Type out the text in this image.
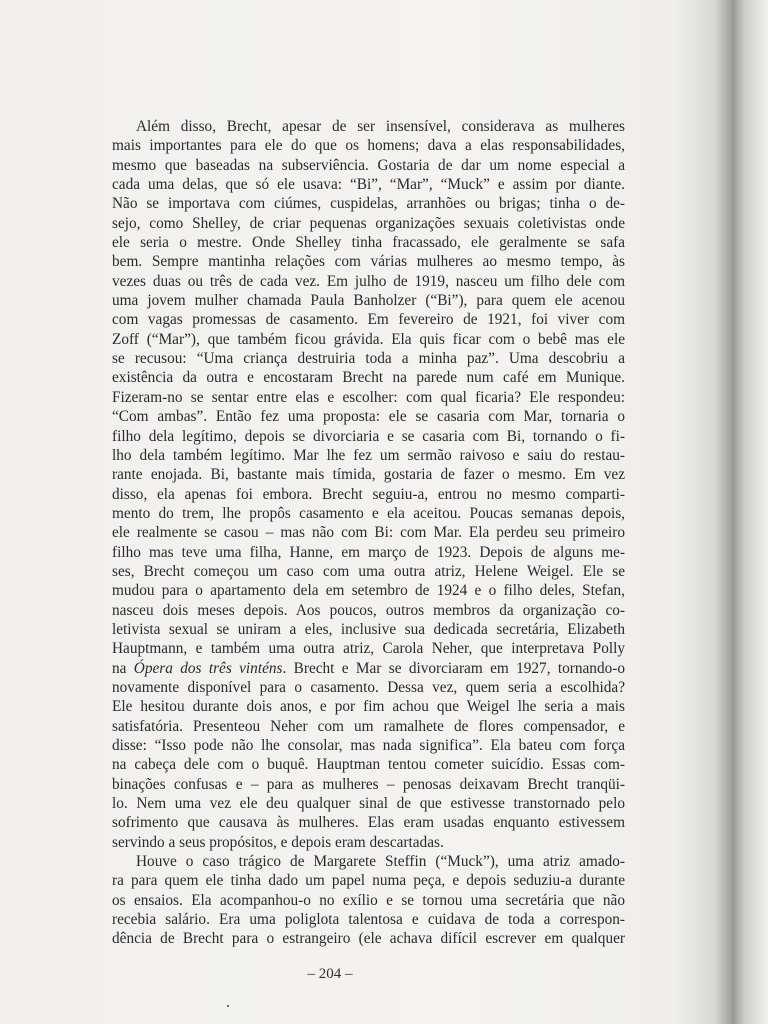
Além disso, Brecht, apesar de ser insensível, considerava as mulheres
mais importantes para ele do que os homens; dava a elas responsabilidades,
mesmo que baseadas na subserviência. Gostaria de dar um nome especial a
cada uma delas, que só ele usava: “Bi”, “Mar”, “Muck” e assim por diante.
Não se importava com ciúmes, cuspidelas, arranhões ou brigas; tinha o de-
sejo, como Shelley, de criar pequenas organizações sexuais coletivistas onde
ele seria o mestre. Onde Shelley tinha fracassado, ele geralmente se safa
bem. Sempre mantinha relações com várias mulheres ao mesmo tempo, às
vezes duas ou três de cada vez. Em julho de 1919, nasceu um filho dele com
uma jovem mulher chamada Paula Banholzer (“Bi”), para quem ele acenou
com vagas promessas de casamento. Em fevereiro de 1921, foi viver com
Zoff (“Mar”), que também ficou grávida. Ela quis ficar com o bebê mas ele
se recusou: “Uma criança destruiria toda a minha paz”. Uma descobriu a
existência da outra e encostaram Brecht na parede num café em Munique.
Fizeram-no se sentar entre elas e escolher: com qual ficaria? Ele respondeu:
“Com ambas”. Então fez uma proposta: ele se casaria com Mar, tornaria o
filho dela legítimo, depois se divorciaria e se casaria com Bi, tornando o fi-
lho dela também legítimo. Mar lhe fez um sermão raivoso e saiu do restau-
rante enojada. Bi, bastante mais tímida, gostaria de fazer o mesmo. Em vez
disso, ela apenas foi embora. Brecht seguiu-a, entrou no mesmo comparti-
mento do trem, lhe propôs casamento e ela aceitou. Poucas semanas depois,
ele realmente se casou – mas não com Bi: com Mar. Ela perdeu seu primeiro
filho mas teve uma filha, Hanne, em março de 1923. Depois de alguns me-
ses, Brecht começou um caso com uma outra atriz, Helene Weigel. Ele se
mudou para o apartamento dela em setembro de 1924 e o filho deles, Stefan,
nasceu dois meses depois. Aos poucos, outros membros da organização co-
letivista sexual se uniram a eles, inclusive sua dedicada secretária, Elizabeth
Hauptmann, e também uma outra atriz, Carola Neher, que interpretava Polly
na Ópera dos três vinténs. Brecht e Mar se divorciaram em 1927, tornando-o
novamente disponível para o casamento. Dessa vez, quem seria a escolhida?
Ele hesitou durante dois anos, e por fim achou que Weigel lhe seria a mais
satisfatória. Presenteou Neher com um ramalhete de flores compensador, e
disse: “Isso pode não lhe consolar, mas nada significa”. Ela bateu com força
na cabeça dele com o buquê. Hauptman tentou cometer suicídio. Essas com-
binações confusas e – para as mulheres – penosas deixavam Brecht tranqüi-
lo. Nem uma vez ele deu qualquer sinal de que estivesse transtornado pelo
sofrimento que causava às mulheres. Elas eram usadas enquanto estivessem
servindo a seus propósitos, e depois eram descartadas.
Houve o caso trágico de Margarete Steffin (“Muck”), uma atriz amado-
ra para quem ele tinha dado um papel numa peça, e depois seduziu-a durante
os ensaios. Ela acompanhou-o no exílio e se tornou uma secretária que não
recebia salário. Era uma poliglota talentosa e cuidava de toda a correspon-
dência de Brecht para o estrangeiro (ele achava difícil escrever em qualquer
– 204 –
